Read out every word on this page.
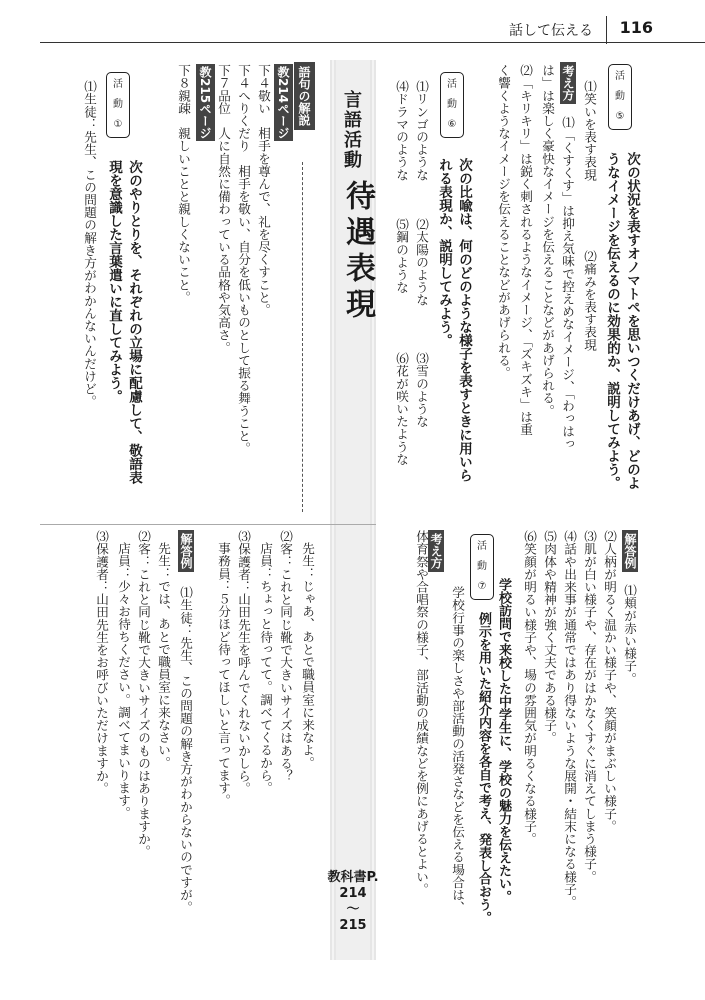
話して伝える 116
活
動
⑤
次の状況を表すオノマトペを思いつくだけあげ、どのよ
うなイメージを伝えるのに効果的か、説明してみよう。
⑴笑いを表す表現
⑵痛みを表す表現
考え方
⑴「くすくす」は抑え気味で控えめなイメージ、「わっはっ
は」は楽しく豪快なイメージを伝えることなどがあげられる。
⑵「キリキリ」は鋭く刺されるようなイメージ、「ズキズキ」は重
く響くようなイメージを伝えることなどがあげられる。
活
動
⑥
次の比喩は、何のどのような様子を表すときに用いら
れる表現か、説明してみよう。
⑴リンゴのような
⑵太陽のような
⑶雪のような
⑷ドラマのような
⑸鋼のような
⑹花が咲いたような
解答例
⑴頬が赤い様子。
⑵人柄が明るく温かい様子や、笑顔がまぶしい様子。
⑶肌が白い様子や、存在がはかなくすぐに消えてしまう様子。
⑷話や出来事が通常ではあり得ないような展開・結末になる様子。
⑸肉体や精神が強く丈夫である様子。
⑹笑顔が明るい様子や、場の雰囲気が明るくなる様子。
活
動
⑦ 学校訪問で来校した中学生に、学校の魅力を伝えたい。
例示を用いた紹介内容を各自で考え、発表し合おう。
考え方
学校行事の楽しさや部活動の活発さなどを伝える場合は、
体育祭や合唱祭の様子、部活動の成績などを例にあげるとよい。
言語活動
待遇表現
教科書P.
214
～
215
語句の解説
教214ページ
下４敬い　相手を尊んで、礼を尽くすこと。
下４へりくだり　相手を敬い、自分を低いものとして振る舞うこと。
下７品位　人に自然に備わっている品格や気高さ。
教215ページ
下８親疎　親しいことと親しくないこと。
活
動
①
次のやりとりを、それぞれの立場に配慮して、敬語表
現を意識した言葉遣いに直してみよう。
⑴生徒：先生、この問題の解き方がわかんないんだけど。
先生：じゃあ、あとで職員室に来なよ。
⑵客：これと同じ靴で大きいサイズはある？
店員：ちょっと待ってて。調べてくるから。
⑶保護者：山田先生を呼んでくれないかしら。
事務員：５分ほど待ってほしいと言ってます。
解答例
⑴生徒：先生、この問題の解き方がわからないのですが。
先生：では、あとで職員室に来なさい。
⑵客：これと同じ靴で大きいサイズのものはありますか。
店員：少々お待ちください。調べてまいります。
⑶保護者：山田先生をお呼びいただけますか。
